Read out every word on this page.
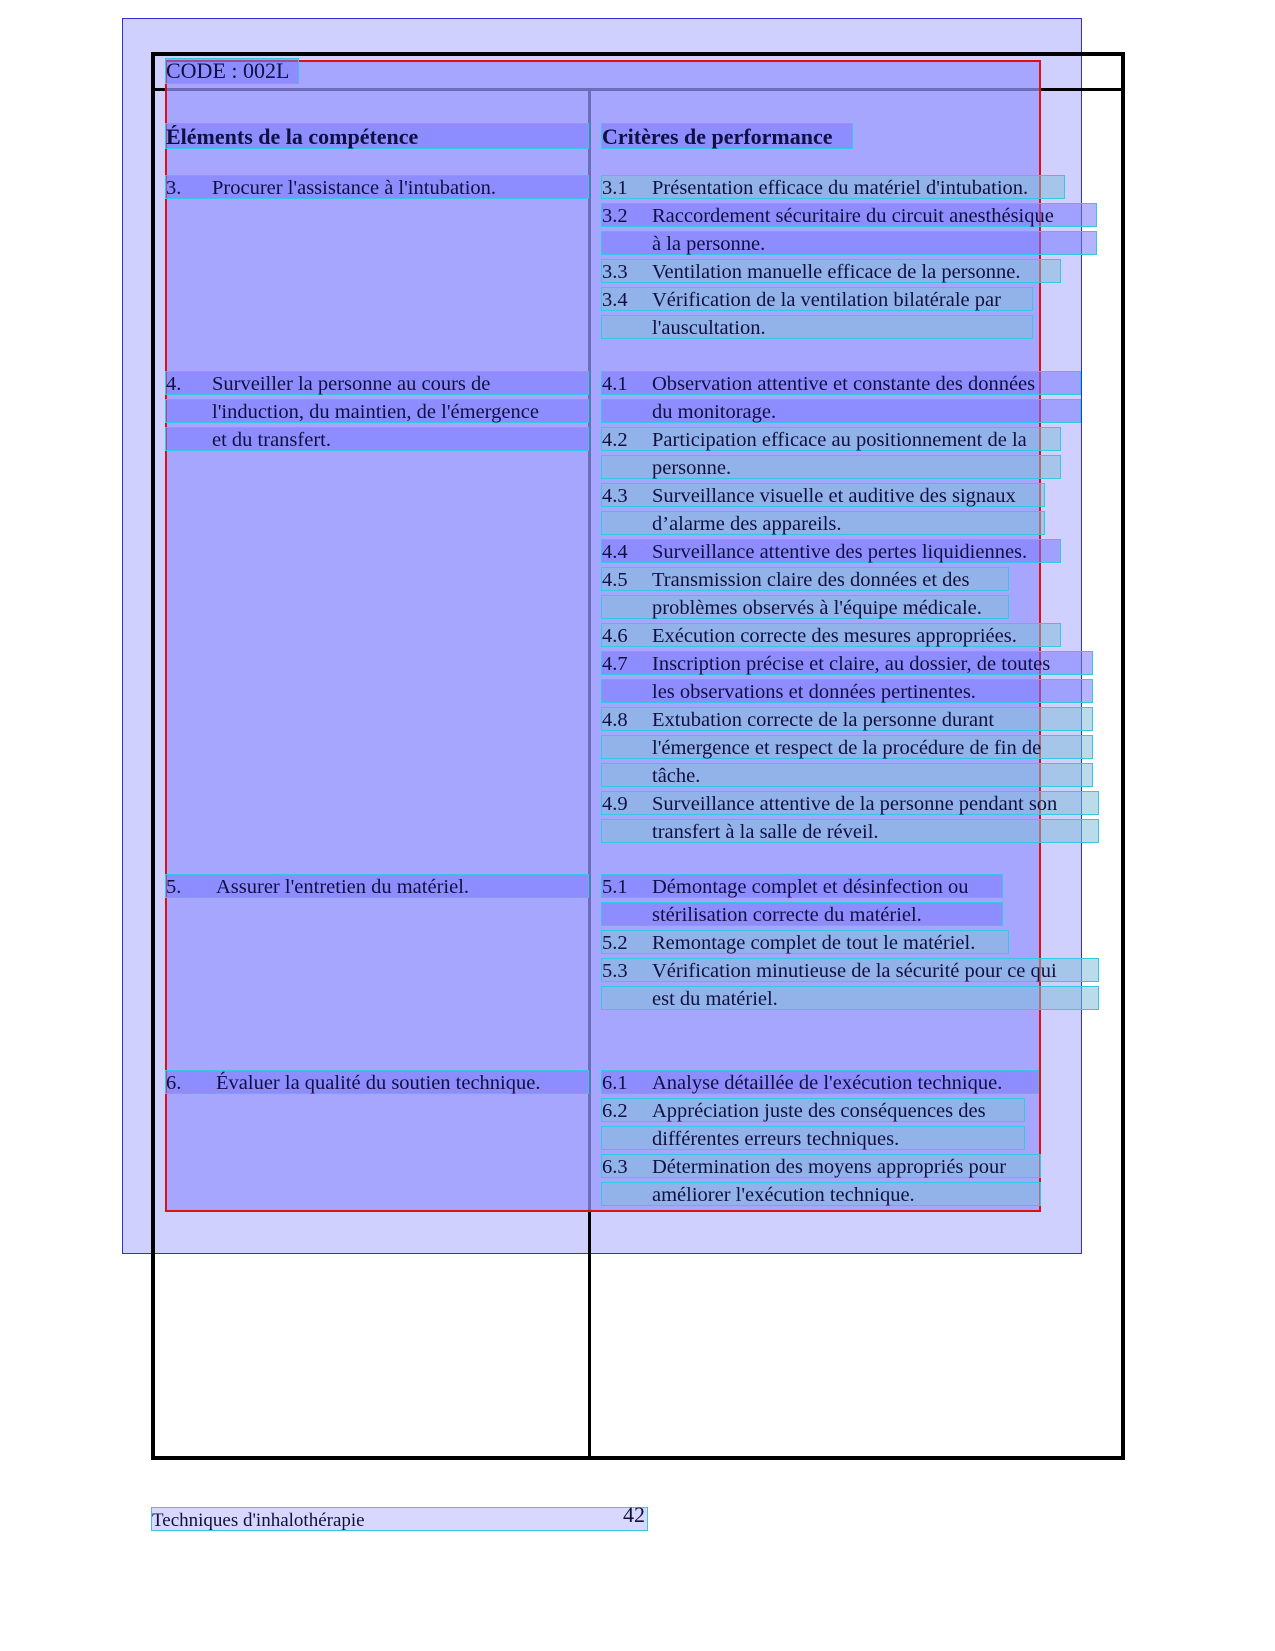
CODE : 002L
Éléments de la compétence	Critères de performance
3. Procurer l'assistance à l'intubation.
4. Surveiller la personne au cours de
l'induction, du maintien, de l'émergence
et du transfert.
5. Assurer l'entretien du matériel.
6. Évaluer la qualité du soutien technique.
3.1 Présentation efficace du matériel d'intubation.
3.2 Raccordement sécuritaire du circuit anesthésique
à la personne.
3.3 Ventilation manuelle efficace de la personne.
3.4 Vérification de la ventilation bilatérale par
l'auscultation.
4.1 Observation attentive et constante des données
du monitorage.
4.2 Participation efficace au positionnement de la
personne.
4.3 Surveillance visuelle et auditive des signaux
d’alarme des appareils.
4.4 Surveillance attentive des pertes liquidiennes.
4.5 Transmission claire des données et des
problèmes observés à l'équipe médicale.
4.6 Exécution correcte des mesures appropriées.
4.7 Inscription précise et claire, au dossier, de toutes
les observations et données pertinentes.
4.8 Extubation correcte de la personne durant
l'émergence et respect de la procédure de fin de
tâche.
4.9 Surveillance attentive de la personne pendant son
transfert à la salle de réveil.
5.1 Démontage complet et désinfection ou
stérilisation correcte du matériel.
5.2 Remontage complet de tout le matériel.
5.3 Vérification minutieuse de la sécurité pour ce qui
est du matériel.
6.1 Analyse détaillée de l'exécution technique.
6.2 Appréciation juste des conséquences des
différentes erreurs techniques.
6.3 Détermination des moyens appropriés pour
améliorer l'exécution technique.
Techniques d'inhalothérapie	42
